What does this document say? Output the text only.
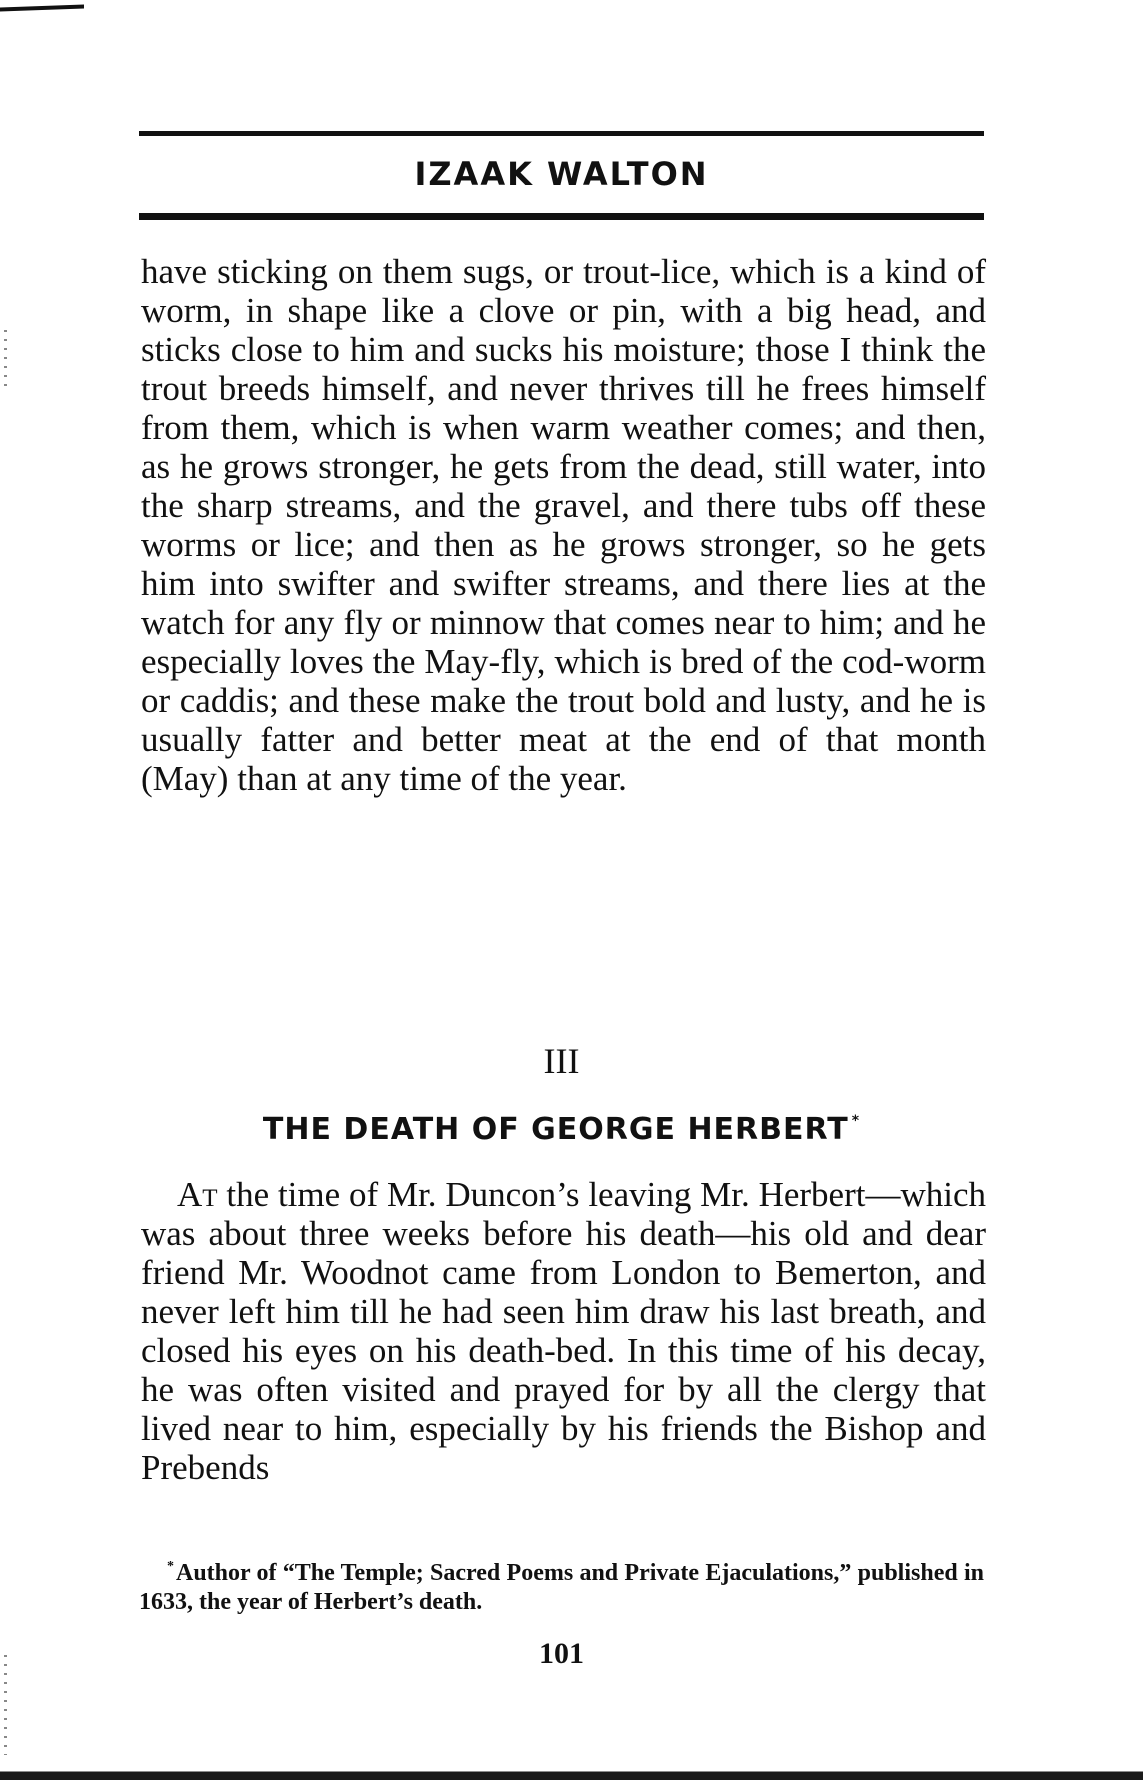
IZAAK WALTON

have sticking on them sugs, or trout-lice, which is a kind of worm, in shape like a clove or pin, with a big head, and sticks close to him and sucks his moisture; those I think the trout breeds himself, and never thrives till he frees himself from them, which is when warm weather comes; and then, as he grows stronger, he gets from the dead, still water, into the sharp streams, and the gravel, and there tubs off these worms or lice; and then as he grows stronger, so he gets him into swifter and swifter streams, and there lies at the watch for any fly or minnow that comes near to him; and he especially loves the May-fly, which is bred of the cod-worm or caddis; and these make the trout bold and lusty, and he is usually fatter and better meat at the end of that month (May) than at any time of the year.

III
THE DEATH OF GEORGE HERBERT *

At the time of Mr. Duncon’s leaving Mr. Herbert—which was about three weeks before his death—his old and dear friend Mr. Woodnot came from London to Bemerton, and never left him till he had seen him draw his last breath, and closed his eyes on his death-bed. In this time of his decay, he was often visited and prayed for by all the clergy that lived near to him, especially by his friends the Bishop and Prebends

*Author of “The Temple; Sacred Poems and Private Ejaculations,” published in 1633, the year of Herbert’s death.

101
